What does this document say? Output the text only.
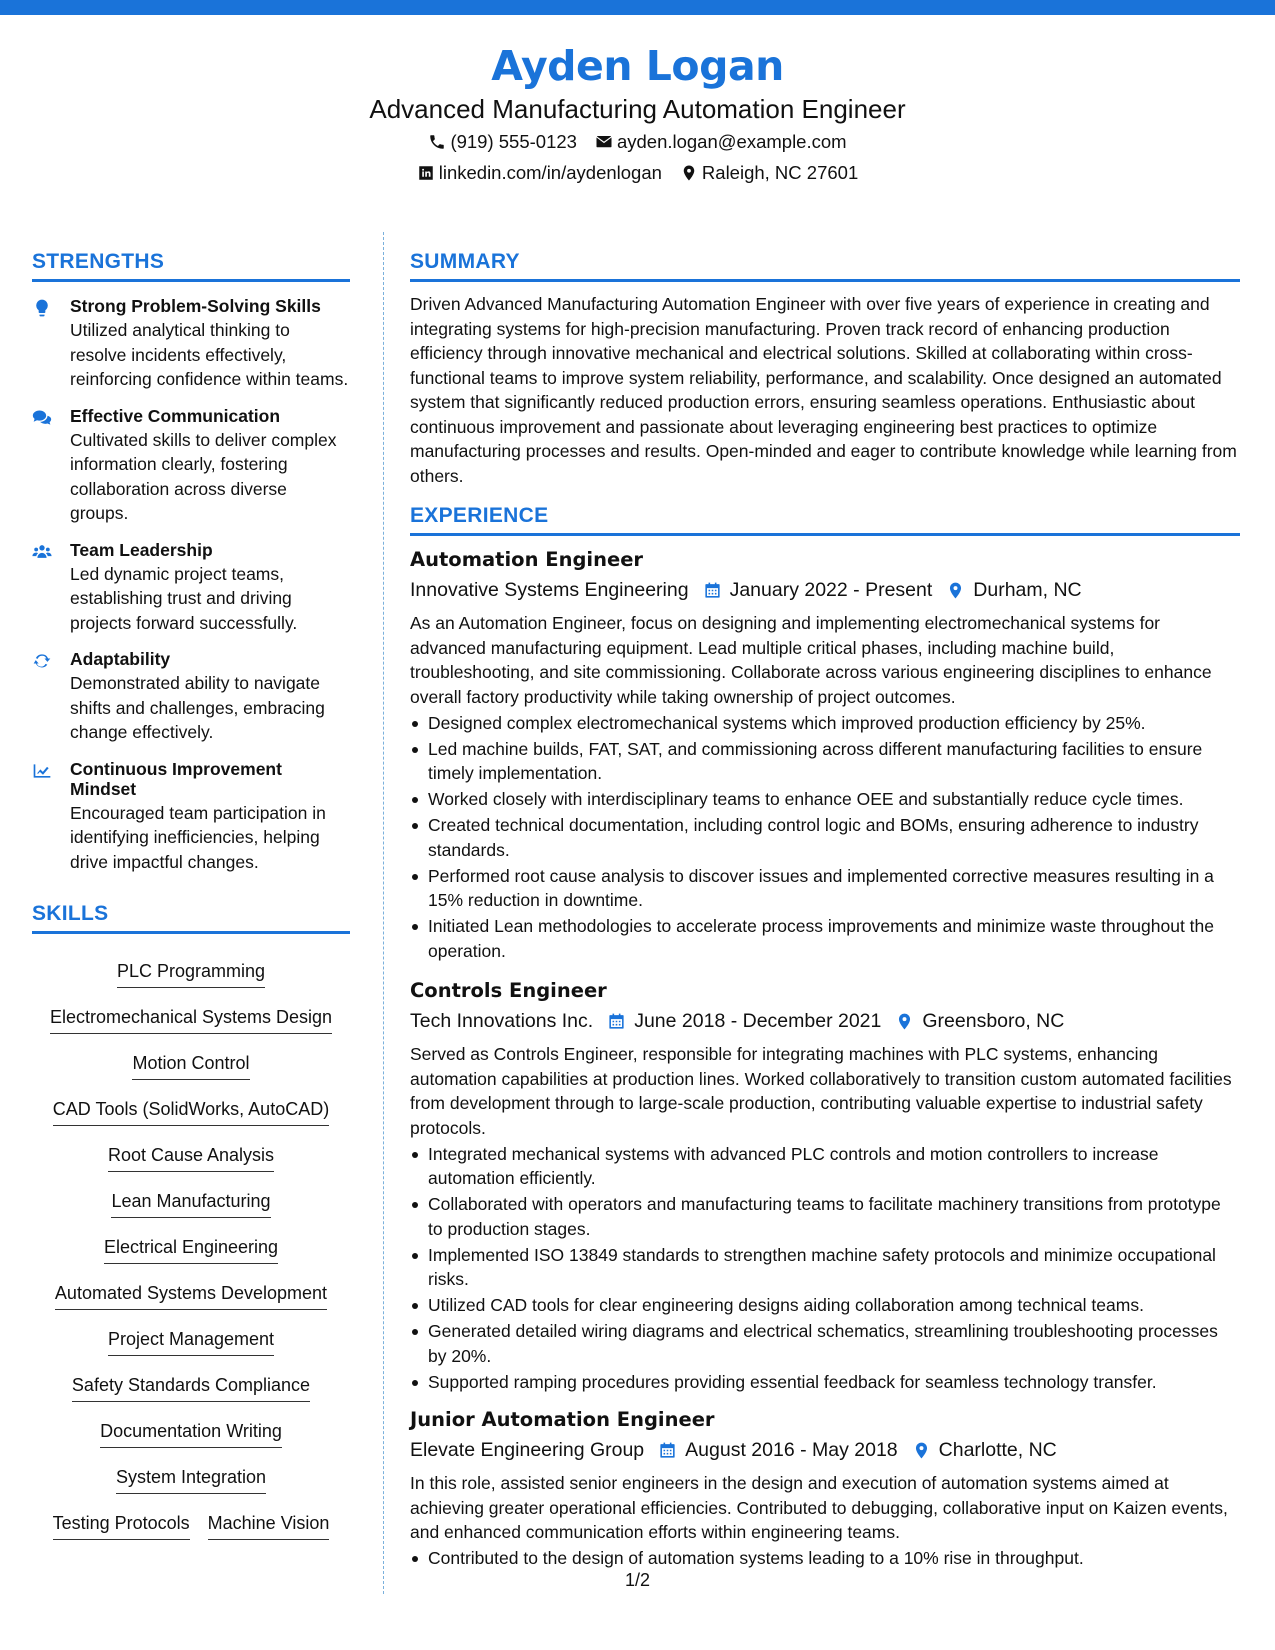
Ayden Logan
Advanced Manufacturing Automation Engineer
(919) 555-0123 ayden.logan@example.com
linkedin.com/in/aydenlogan Raleigh, NC 27601
STRENGTHS
Strong Problem-Solving Skills
Utilized analytical thinking to resolve incidents effectively, reinforcing confidence within teams.
Effective Communication
Cultivated skills to deliver complex information clearly, fostering collaboration across diverse groups.
Team Leadership
Led dynamic project teams, establishing trust and driving projects forward successfully.
Adaptability
Demonstrated ability to navigate shifts and challenges, embracing change effectively.
Continuous Improvement Mindset
Encouraged team participation in identifying inefficiencies, helping drive impactful changes.
SKILLS
PLC Programming
Electromechanical Systems Design
Motion Control
CAD Tools (SolidWorks, AutoCAD)
Root Cause Analysis
Lean Manufacturing
Electrical Engineering
Automated Systems Development
Project Management
Safety Standards Compliance
Documentation Writing
System Integration
Testing Protocols Machine Vision
SUMMARY
Driven Advanced Manufacturing Automation Engineer with over five years of experience in creating and integrating systems for high-precision manufacturing. Proven track record of enhancing production efficiency through innovative mechanical and electrical solutions. Skilled at collaborating within cross-functional teams to improve system reliability, performance, and scalability. Once designed an automated system that significantly reduced production errors, ensuring seamless operations. Enthusiastic about continuous improvement and passionate about leveraging engineering best practices to optimize manufacturing processes and results. Open-minded and eager to contribute knowledge while learning from others.
EXPERIENCE
Automation Engineer
Innovative Systems Engineering January 2022 - Present Durham, NC
As an Automation Engineer, focus on designing and implementing electromechanical systems for advanced manufacturing equipment. Lead multiple critical phases, including machine build, troubleshooting, and site commissioning. Collaborate across various engineering disciplines to enhance overall factory productivity while taking ownership of project outcomes.
Designed complex electromechanical systems which improved production efficiency by 25%.
Led machine builds, FAT, SAT, and commissioning across different manufacturing facilities to ensure timely implementation.
Worked closely with interdisciplinary teams to enhance OEE and substantially reduce cycle times.
Created technical documentation, including control logic and BOMs, ensuring adherence to industry standards.
Performed root cause analysis to discover issues and implemented corrective measures resulting in a 15% reduction in downtime.
Initiated Lean methodologies to accelerate process improvements and minimize waste throughout the operation.
Controls Engineer
Tech Innovations Inc. June 2018 - December 2021 Greensboro, NC
Served as Controls Engineer, responsible for integrating machines with PLC systems, enhancing automation capabilities at production lines. Worked collaboratively to transition custom automated facilities from development through to large-scale production, contributing valuable expertise to industrial safety protocols.
Integrated mechanical systems with advanced PLC controls and motion controllers to increase automation efficiently.
Collaborated with operators and manufacturing teams to facilitate machinery transitions from prototype to production stages.
Implemented ISO 13849 standards to strengthen machine safety protocols and minimize occupational risks.
Utilized CAD tools for clear engineering designs aiding collaboration among technical teams.
Generated detailed wiring diagrams and electrical schematics, streamlining troubleshooting processes by 20%.
Supported ramping procedures providing essential feedback for seamless technology transfer.
Junior Automation Engineer
Elevate Engineering Group August 2016 - May 2018 Charlotte, NC
In this role, assisted senior engineers in the design and execution of automation systems aimed at achieving greater operational efficiencies. Contributed to debugging, collaborative input on Kaizen events, and enhanced communication efforts within engineering teams.
Contributed to the design of automation systems leading to a 10% rise in throughput.
1/2
